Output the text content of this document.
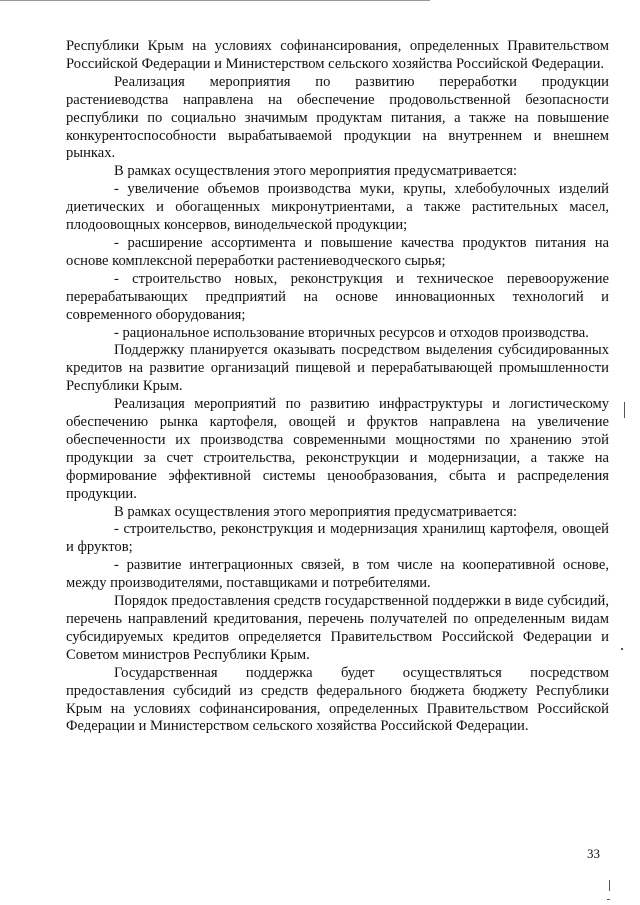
Республики Крым на условиях софинансирования, определенных Правительством Российской Федерации и Министерством сельского хозяйства Российской Федерации.

Реализация мероприятия по развитию переработки продукции растениеводства направлена на обеспечение продовольственной безопасности республики по социально значимым продуктам питания, а также на повышение конкурентоспособности вырабатываемой продукции на внутреннем и внешнем рынках.

В рамках осуществления этого мероприятия предусматривается:

- увеличение объемов производства муки, крупы, хлебобулочных изделий диетических и обогащенных микронутриентами, а также растительных масел, плодоовощных консервов, винодельческой продукции;

- расширение ассортимента и повышение качества продуктов питания на основе комплексной переработки растениеводческого сырья;

- строительство новых, реконструкция и техническое перевооружение перерабатывающих предприятий на основе инновационных технологий и современного оборудования;

- рациональное использование вторичных ресурсов и отходов производства.

Поддержку планируется оказывать посредством выделения субсидированных кредитов на развитие организаций пищевой и перерабатывающей промышленности Республики Крым.

Реализация мероприятий по развитию инфраструктуры и логистическому обеспечению рынка картофеля, овощей и фруктов направлена на увеличение обеспеченности их производства современными мощностями по хранению этой продукции за счет строительства, реконструкции и модернизации, а также на формирование эффективной системы ценообразования, сбыта и распределения продукции.

В рамках осуществления этого мероприятия предусматривается:

- строительство, реконструкция и модернизация хранилищ картофеля, овощей и фруктов;

- развитие интеграционных связей, в том числе на кооперативной основе, между производителями, поставщиками и потребителями.

Порядок предоставления средств государственной поддержки в виде субсидий, перечень направлений кредитования, перечень получателей по определенным видам субсидируемых кредитов определяется Правительством Российской Федерации и Советом министров Республики Крым.

Государственная поддержка будет осуществляться посредством предоставления субсидий из средств федерального бюджета бюджету Республики Крым на условиях софинансирования, определенных Правительством Российской Федерации и Министерством сельского хозяйства Российской Федерации.

33
